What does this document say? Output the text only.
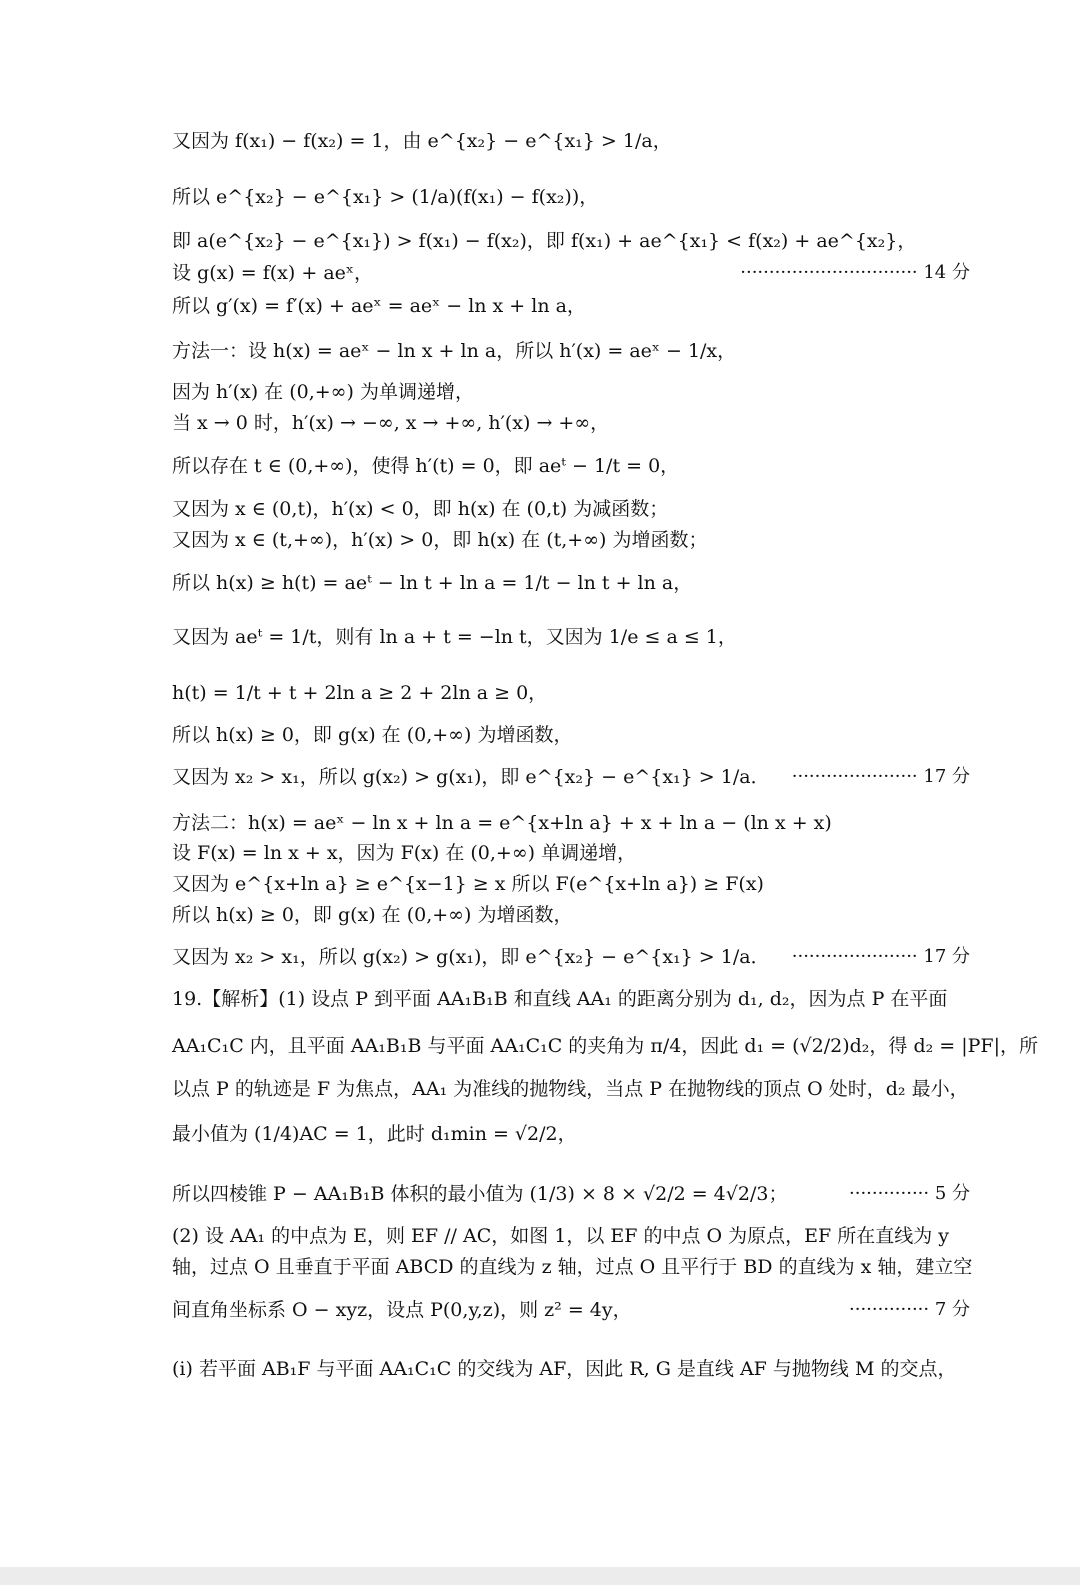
又因为 f(x₁) − f(x₂) = 1，由 e^{x₂} − e^{x₁} > 1/a，
所以 e^{x₂} − e^{x₁} > (1/a)(f(x₁) − f(x₂))，
即 a(e^{x₂} − e^{x₁}) > f(x₁) − f(x₂)，即 f(x₁) + ae^{x₁} < f(x₂) + ae^{x₂}，
设 g(x) = f(x) + aeˣ，	······························· 14 分
所以 g′(x) = f′(x) + aeˣ = aeˣ − ln x + ln a，
方法一：设 h(x) = aeˣ − ln x + ln a，所以 h′(x) = aeˣ − 1/x，
因为 h′(x) 在 (0,+∞) 为单调递增，
当 x → 0 时，h′(x) → −∞, x → +∞, h′(x) → +∞，
所以存在 t ∈ (0,+∞)，使得 h′(t) = 0，即 aeᵗ − 1/t = 0，
又因为 x ∈ (0,t)，h′(x) < 0，即 h(x) 在 (0,t) 为减函数；
又因为 x ∈ (t,+∞)，h′(x) > 0，即 h(x) 在 (t,+∞) 为增函数；
所以 h(x) ≥ h(t) = aeᵗ − ln t + ln a = 1/t − ln t + ln a，
又因为 aeᵗ = 1/t，则有 ln a + t = −ln t，又因为 1/e ≤ a ≤ 1，
h(t) = 1/t + t + 2ln a ≥ 2 + 2ln a ≥ 0，
所以 h(x) ≥ 0，即 g(x) 在 (0,+∞) 为增函数，
又因为 x₂ > x₁，所以 g(x₂) > g(x₁)，即 e^{x₂} − e^{x₁} > 1/a． ······················ 17 分
方法二：h(x) = aeˣ − ln x + ln a = e^{x+ln a} + x + ln a − (ln x + x)
设 F(x) = ln x + x，因为 F(x) 在 (0,+∞) 单调递增，
又因为 e^{x+ln a} ≥ e^{x−1} ≥ x 所以 F(e^{x+ln a}) ≥ F(x)
所以 h(x) ≥ 0，即 g(x) 在 (0,+∞) 为增函数，
又因为 x₂ > x₁，所以 g(x₂) > g(x₁)，即 e^{x₂} − e^{x₁} > 1/a． ······················ 17 分
19.【解析】(1) 设点 P 到平面 AA₁B₁B 和直线 AA₁ 的距离分别为 d₁, d₂，因为点 P 在平面
AA₁C₁C 内，且平面 AA₁B₁B 与平面 AA₁C₁C 的夹角为 π/4，因此 d₁ = (√2/2)d₂，得 d₂ = |PF|，所
以点 P 的轨迹是 F 为焦点，AA₁ 为准线的抛物线，当点 P 在抛物线的顶点 O 处时，d₂ 最小，
最小值为 (1/4)AC = 1，此时 d₁min = √2/2，
所以四棱锥 P − AA₁B₁B 体积的最小值为 (1/3) × 8 × √2/2 = 4√2/3；	·············· 5 分
(2) 设 AA₁ 的中点为 E，则 EF // AC，如图 1，以 EF 的中点 O 为原点，EF 所在直线为 y
轴，过点 O 且垂直于平面 ABCD 的直线为 z 轴，过点 O 且平行于 BD 的直线为 x 轴，建立空
间直角坐标系 O − xyz，设点 P(0,y,z)，则 z² = 4y，	·············· 7 分
(i) 若平面 AB₁F 与平面 AA₁C₁C 的交线为 AF，因此 R, G 是直线 AF 与抛物线 M 的交点，
